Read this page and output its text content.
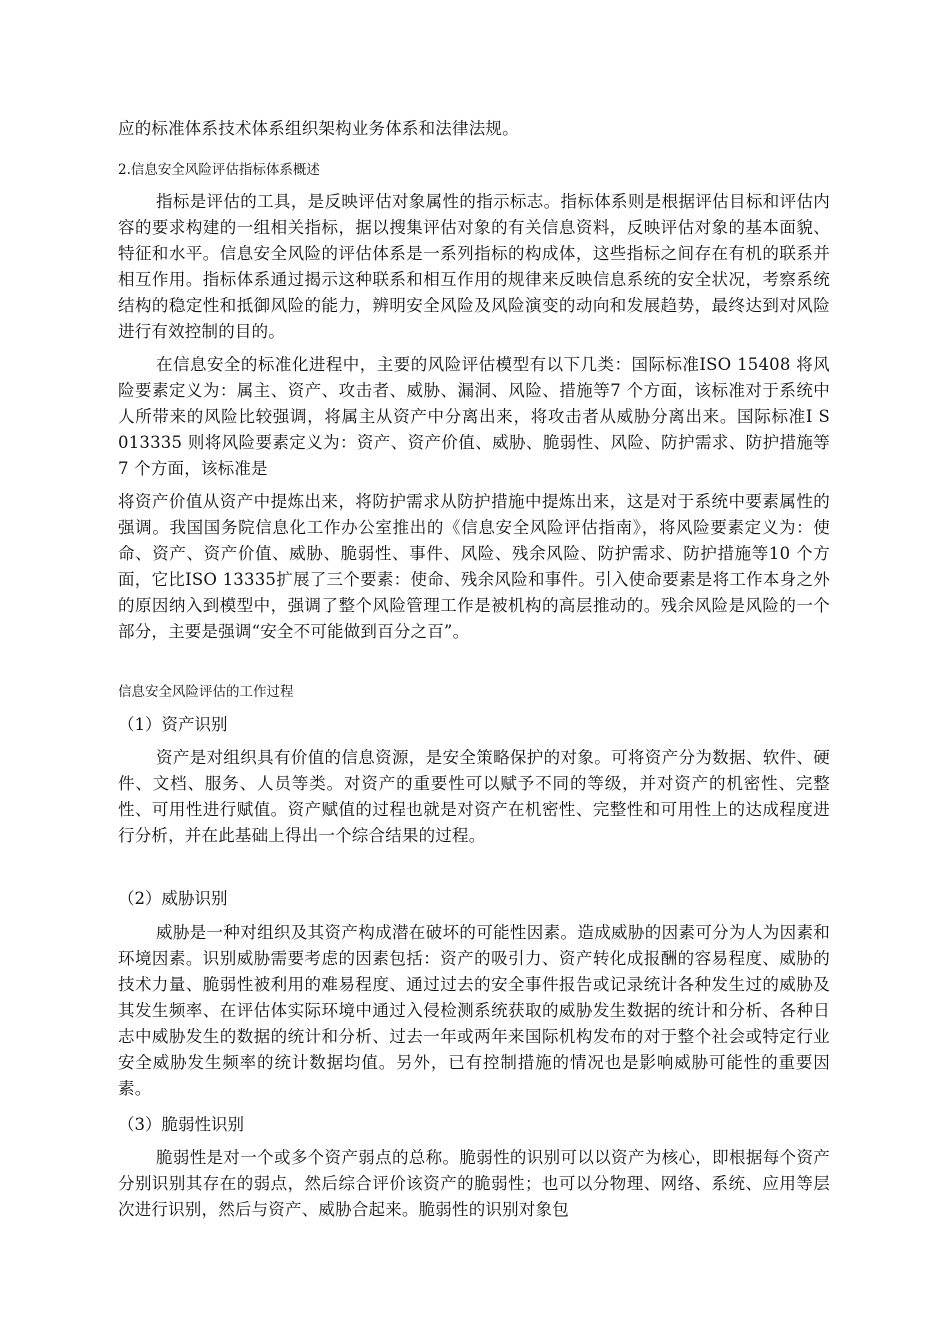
应的标准体系技术体系组织架构业务体系和法律法规。

2.信息安全风险评估指标体系概述

指标是评估的工具，是反映评估对象属性的指示标志。指标体系则是根据评估目标和评估内容的要求构建的一组相关指标，据以搜集评估对象的有关信息资料，反映评估对象的基本面貌、特征和水平。信息安全风险的评估体系是一系列指标的构成体，这些指标之间存在有机的联系并相互作用。指标体系通过揭示这种联系和相互作用的规律来反映信息系统的安全状况，考察系统结构的稳定性和抵御风险的能力，辨明安全风险及风险演变的动向和发展趋势，最终达到对风险进行有效控制的目的。

在信息安全的标准化进程中，主要的风险评估模型有以下几类：国际标准ISO 15408 将风险要素定义为：属主、资产、攻击者、威胁、漏洞、风险、措施等7 个方面，该标准对于系统中人所带来的风险比较强调，将属主从资产中分离出来，将攻击者从威胁分离出来。国际标准I S 013335 则将风险要素定义为：资产、资产价值、威胁、脆弱性、风险、防护需求、防护措施等 7 个方面，该标准是

将资产价值从资产中提炼出来，将防护需求从防护措施中提炼出来，这是对于系统中要素属性的强调。我国国务院信息化工作办公室推出的《信息安全风险评估指南》，将风险要素定义为：使命、资产、资产价值、威胁、脆弱性、事件、风险、残余风险、防护需求、防护措施等10 个方面，它比ISO 13335扩展了三个要素：使命、残余风险和事件。引入使命要素是将工作本身之外的原因纳入到模型中，强调了整个风险管理工作是被机构的高层推动的。残余风险是风险的一个部分，主要是强调“安全不可能做到百分之百”。

信息安全风险评估的工作过程

（1）资产识别

资产是对组织具有价值的信息资源，是安全策略保护的对象。可将资产分为数据、软件、硬件、文档、服务、人员等类。对资产的重要性可以赋予不同的等级，并对资产的机密性、完整性、可用性进行赋值。资产赋值的过程也就是对资产在机密性、完整性和可用性上的达成程度进行分析，并在此基础上得出一个综合结果的过程。

（2）威胁识别

威胁是一种对组织及其资产构成潜在破坏的可能性因素。造成威胁的因素可分为人为因素和环境因素。识别威胁需要考虑的因素包括：资产的吸引力、资产转化成报酬的容易程度、威胁的技术力量、脆弱性被利用的难易程度、通过过去的安全事件报告或记录统计各种发生过的威胁及其发生频率、在评估体实际环境中通过入侵检测系统获取的威胁发生数据的统计和分析、各种日志中威胁发生的数据的统计和分析、过去一年或两年来国际机构发布的对于整个社会或特定行业安全威胁发生频率的统计数据均值。另外，已有控制措施的情况也是影响威胁可能性的重要因素。

（3）脆弱性识别

脆弱性是对一个或多个资产弱点的总称。脆弱性的识别可以以资产为核心，即根据每个资产分别识别其存在的弱点，然后综合评价该资产的脆弱性；也可以分物理、网络、系统、应用等层次进行识别，然后与资产、威胁合起来。脆弱性的识别对象包
